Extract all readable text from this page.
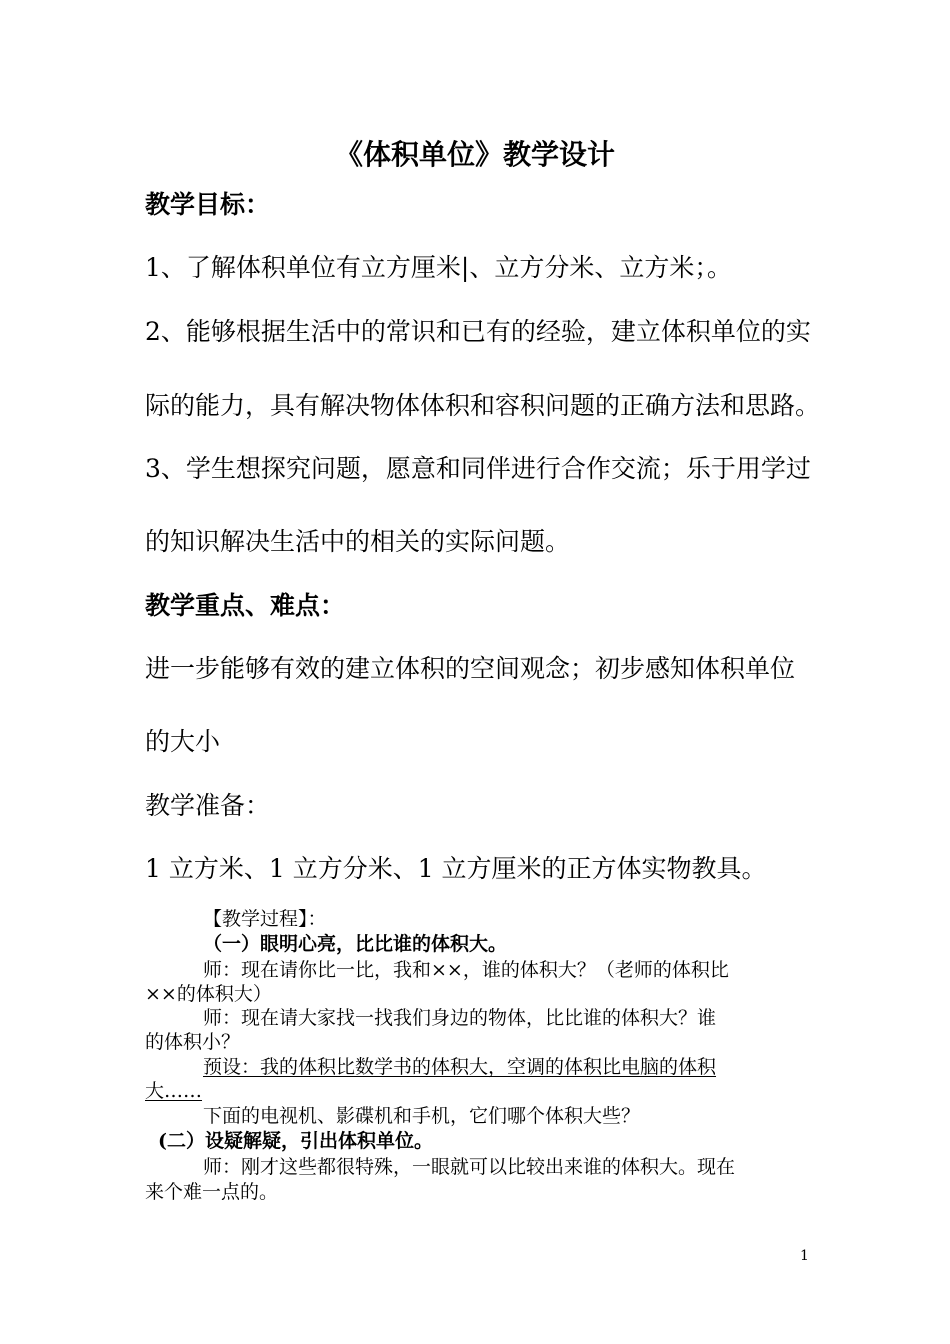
《体积单位》教学设计
教学目标：
1、了解体积单位有立方厘米|、立方分米、立方米；。
2、能够根据生活中的常识和已有的经验，建立体积单位的实
际的能力，具有解决物体体积和容积问题的正确方法和思路。
3、学生想探究问题，愿意和同伴进行合作交流；乐于用学过
的知识解决生活中的相关的实际问题。
教学重点、难点：
进一步能够有效的建立体积的空间观念；初步感知体积单位
的大小
教学准备：
1 立方米、1 立方分米、1 立方厘米的正方体实物教具。
【教学过程】：
（一）眼明心亮，比比谁的体积大。
师：现在请你比一比，我和××，谁的体积大？（老师的体积比
××的体积大）
师：现在请大家找一找我们身边的物体，比比谁的体积大？谁
的体积小？
预设：我的体积比数学书的体积大，空调的体积比电脑的体积
大……
下面的电视机、影碟机和手机，它们哪个体积大些？
(二）设疑解疑，引出体积单位。
师：刚才这些都很特殊，一眼就可以比较出来谁的体积大。现在
来个难一点的。
1
